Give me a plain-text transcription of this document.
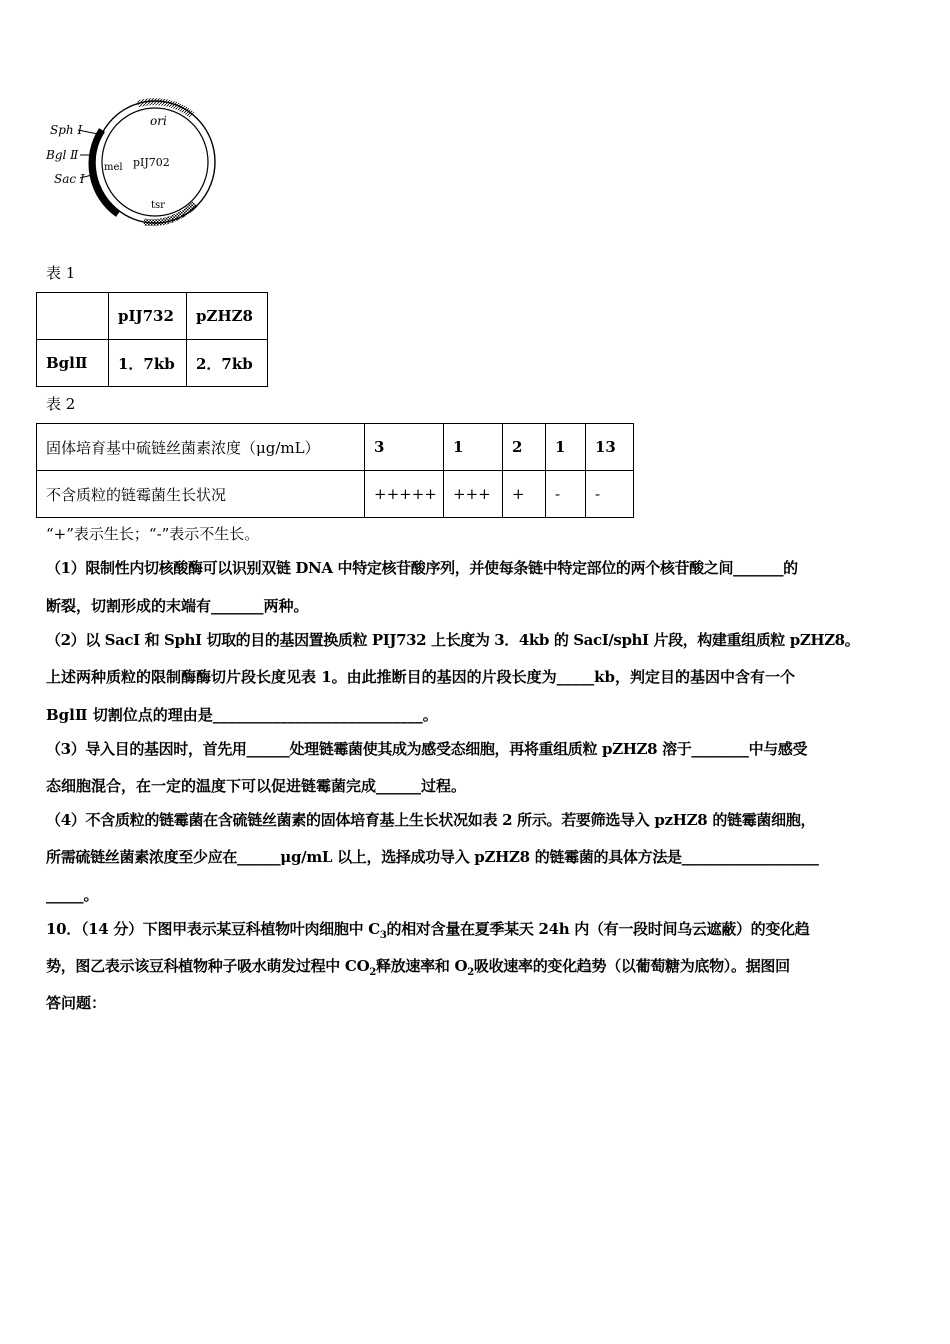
Sph Ⅰ
Bgl Ⅱ
Sac Ⅰ
ori
mel pIJ702
tsr
表 1
	pIJ732	pZHZ8
BglⅡ	1．7kb	2．7kb
表 2
固体培育基中硫链丝菌素浓度（μg/mL）	3	1	2	1	13
不含质粒的链霉菌生长状况	+++++	+++	+	-	-
“+”表示生长；“-”表示不生长。
（1）限制性内切核酸酶可以识别双链 DNA 中特定核苷酸序列，并使每条链中特定部位的两个核苷酸之间_______的
断裂，切割形成的末端有_______两种。
（2）以 SacⅠ 和 SphⅠ 切取的目的基因置换质粒 PIJ732 上长度为 3．4kb 的 SacⅠ/sphⅠ 片段，构建重组质粒 pZHZ8。
上述两种质粒的限制酶酶切片段长度见表 1。由此推断目的基因的片段长度为_____kb，判定目的基因中含有一个
BglⅡ 切割位点的理由是____________________________。
（3）导入目的基因时，首先用______处理链霉菌使其成为感受态细胞，再将重组质粒 pZHZ8 溶于________中与感受
态细胞混合，在一定的温度下可以促进链霉菌完成______过程。
（4）不含质粒的链霉菌在含硫链丝菌素的固体培育基上生长状况如表 2 所示。若要筛选导入 pzHZ8 的链霉菌细胞，
所需硫链丝菌素浓度至少应在______μg/mL 以上，选择成功导入 pZHZ8 的链霉菌的具体方法是___________________
_____。
10．（14 分）下图甲表示某豆科植物叶肉细胞中 $C_3$的相对含量在夏季某天 24h 内（有一段时间乌云遮蔽）的变化趋
势，图乙表示该豆科植物种子吸水萌发过程中 $CO_2$释放速率和 $O_2$吸收速率的变化趋势（以葡萄糖为底物）。据图回
答问题：
